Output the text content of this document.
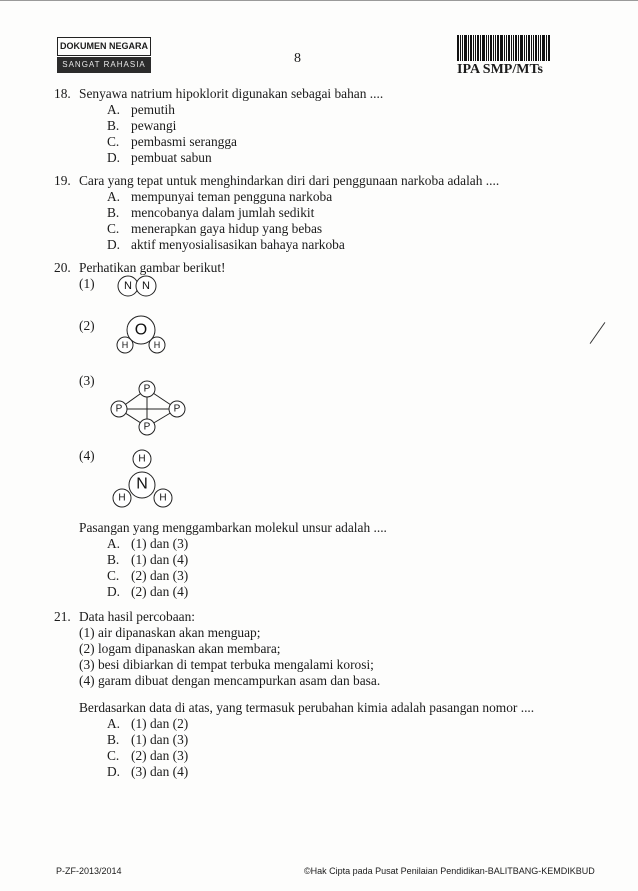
DOKUMEN NEGARA
SANGAT RAHASIA	8
IPA SMP/MTs
18. Senyawa natrium hipoklorit digunakan sebagai bahan ....
A. pemutih
B. pewangi
C. pembasmi serangga
D. pembuat sabun
19. Cara yang tepat untuk menghindarkan diri dari penggunaan narkoba adalah ....
A. mempunyai teman pengguna narkoba
B. mencobanya dalam jumlah sedikit
C. menerapkan gaya hidup yang bebas
D. aktif menyosialisasikan bahaya narkoba
20. Perhatikan gambar berikut!
(1)	N N
(2)	O
H	H
(3)
P
P	P
P
(4)	H
H	H
N
Pasangan yang menggambarkan molekul unsur adalah ....
A. (1) dan (3)
B. (1) dan (4)
C. (2) dan (3)
D. (2) dan (4)
21. Data hasil percobaan:
(1) air dipanaskan akan menguap;
(2) logam dipanaskan akan membara;
(3) besi dibiarkan di tempat terbuka mengalami korosi;
(4) garam dibuat dengan mencampurkan asam dan basa.
Berdasarkan data di atas, yang termasuk perubahan kimia adalah pasangan nomor ....
A. (1) dan (2)
B. (1) dan (3)
C. (2) dan (3)
D. (3) dan (4)
P-ZF-2013/2014	©Hak Cipta pada Pusat Penilaian Pendidikan-BALITBANG-KEMDIKBUD
